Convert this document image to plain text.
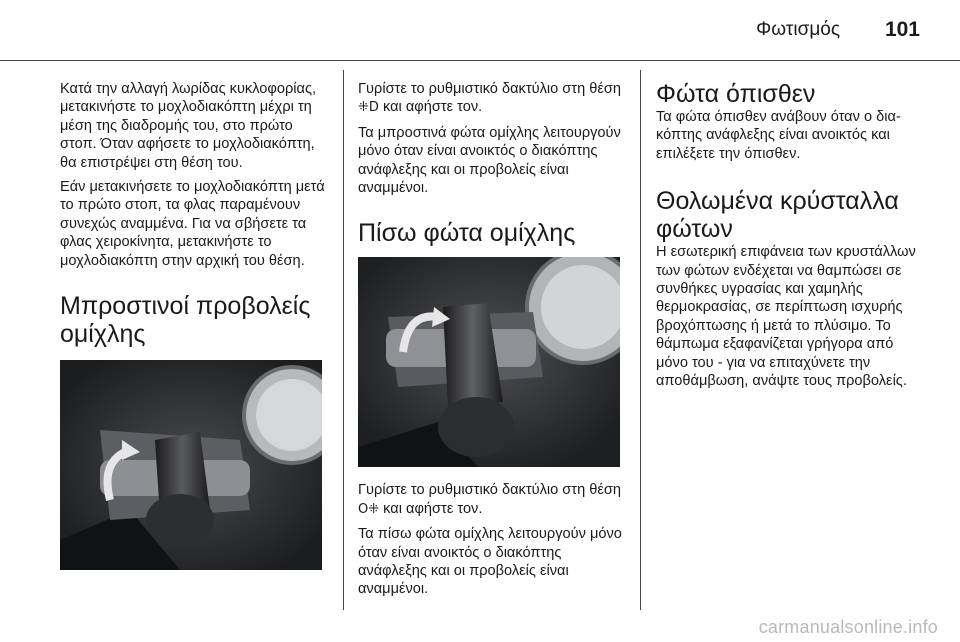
Φωτισμός 101

Κατά την αλλαγή λωρίδας κυκλοφορίας, μετακινήστε το μοχλοδιακόπτη μέχρι τη μέση της διαδρομής του, στο πρώτο στοπ. Όταν αφήσετε το μοχλοδιακόπτη, θα επιστρέψει στη θέση του.

Εάν μετακινήσετε το μοχλοδιακόπτη μετά το πρώτο στοπ, τα φλας παραμένουν συνεχώς αναμμένα. Για να σβήσετε τα φλας χειροκίνητα, μετακινήστε το μοχλοδιακόπτη στην αρχική του θέση.

Μπροστινοί προβολείς ομίχλης

Γυρίστε το ρυθμιστικό δακτύλιο στη θέση ⁜D και αφήστε τον.

Τα μπροστινά φώτα ομίχλης λειτουργούν μόνο όταν είναι ανοικτός ο διακόπτης ανάφλεξης και οι προβολείς είναι αναμμένοι.

Πίσω φώτα ομίχλης

Γυρίστε το ρυθμιστικό δακτύλιο στη θέση O⁜ και αφήστε τον.

Τα πίσω φώτα ομίχλης λειτουργούν μόνο όταν είναι ανοικτός ο διακόπτης ανάφλεξης και οι προβολείς είναι αναμμένοι.

Φώτα όπισθεν

Τα φώτα όπισθεν ανάβουν όταν ο διακόπτης ανάφλεξης είναι ανοικτός και επιλέξετε την όπισθεν.

Θολωμένα κρύσταλλα φώτων

Η εσωτερική επιφάνεια των κρυστάλλων των φώτων ενδέχεται να θαμπώσει σε συνθήκες υγρασίας και χαμηλής θερμοκρασίας, σε περίπτωση ισχυρής βροχόπτωσης ή μετά το πλύσιμο. Το θάμπωμα εξαφανίζεται γρήγορα από μόνο του - για να επιταχύνετε την αποθάμβωση, ανάψτε τους προβολείς.

carmanualsonline.info
